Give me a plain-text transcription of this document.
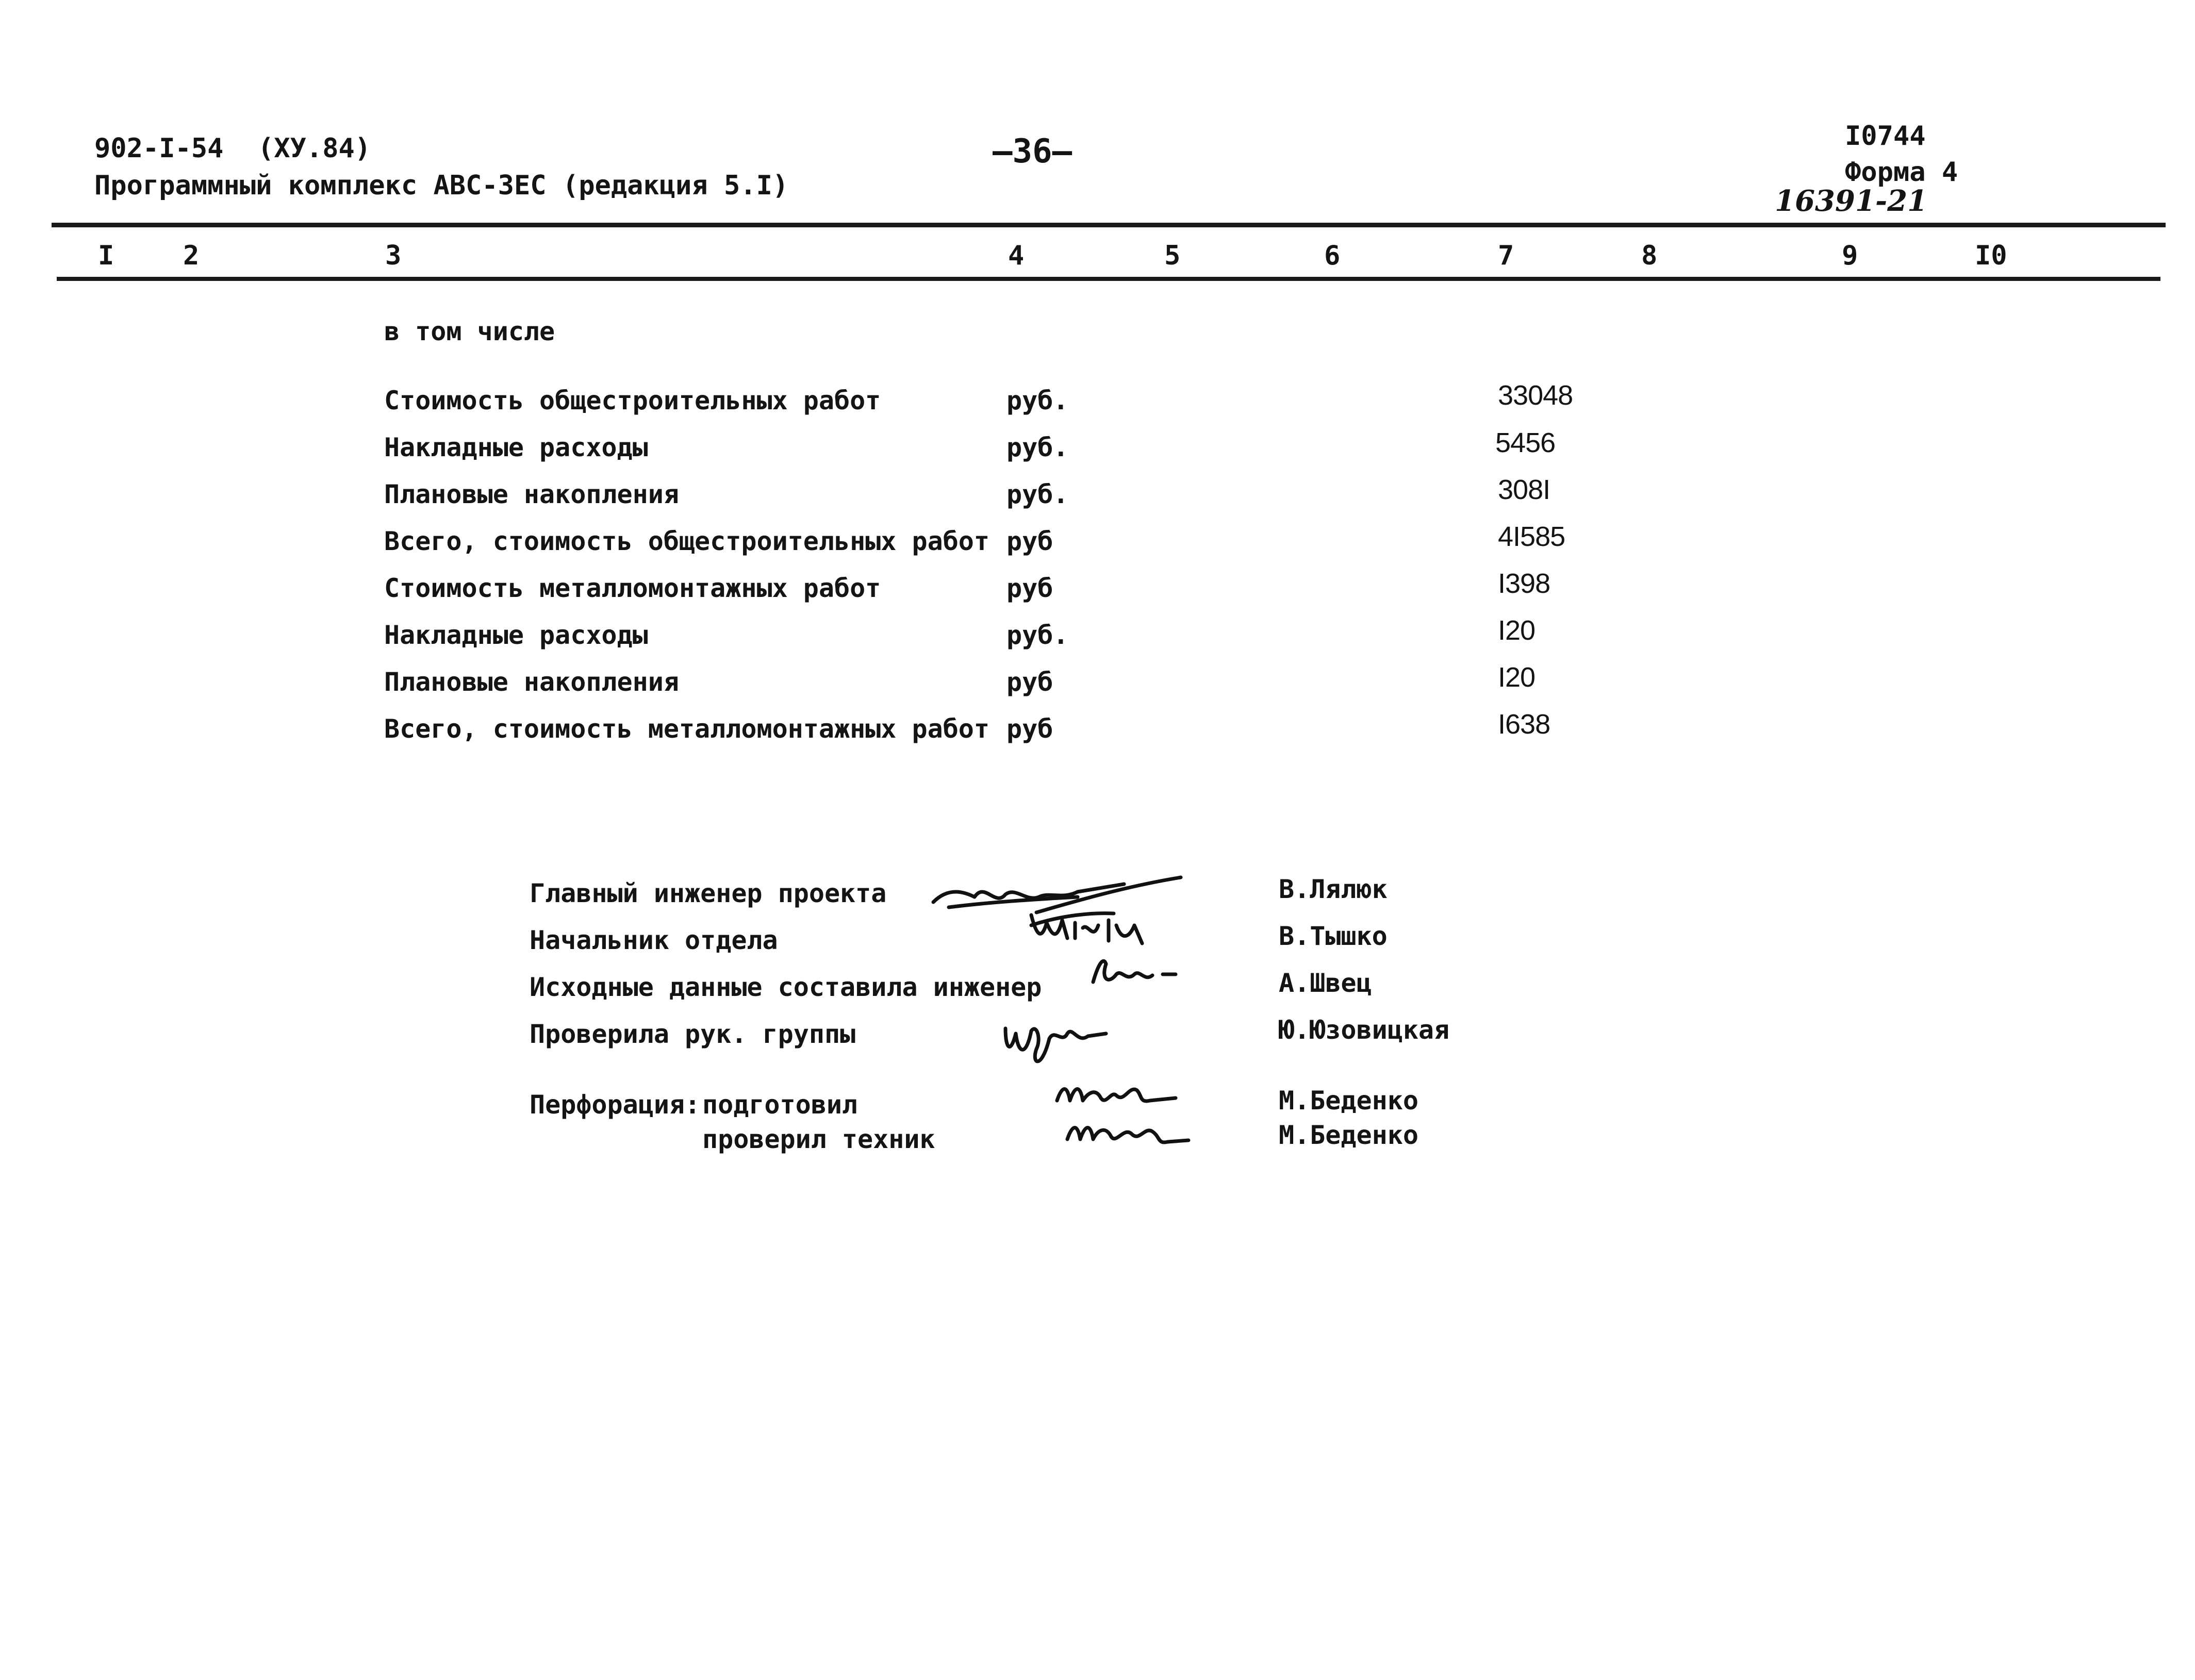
902-I-54 (ХУ.84)
Программный комплекс АВС-ЗЕС (редакция 5.I)
—36—	I0744
Форма 4
16391-21
I	2	3	4	5	6	7	8	9	I0
в том числе
Стоимость общестроительных работ	руб.	33048
Накладные расходы	руб.	5456
Плановые накопления	руб.	308I
Всего, стоимость общестроительных работ руб	4I585
Стоимость металломонтажных работ	руб	I398
Накладные расходы	руб.	I20
Плановые накопления	руб	I20
Всего, стоимость металломонтажных работ руб	I638
Главный инженер проекта	В.Лялюк
Начальник отдела	В.Тышко
Исходные данные составила инженер	А.Швец
Проверила рук. группы	Ю.Юзовицкая
Перфорация: подготовил	М.Беденко
проверил техник	М.Беденко
